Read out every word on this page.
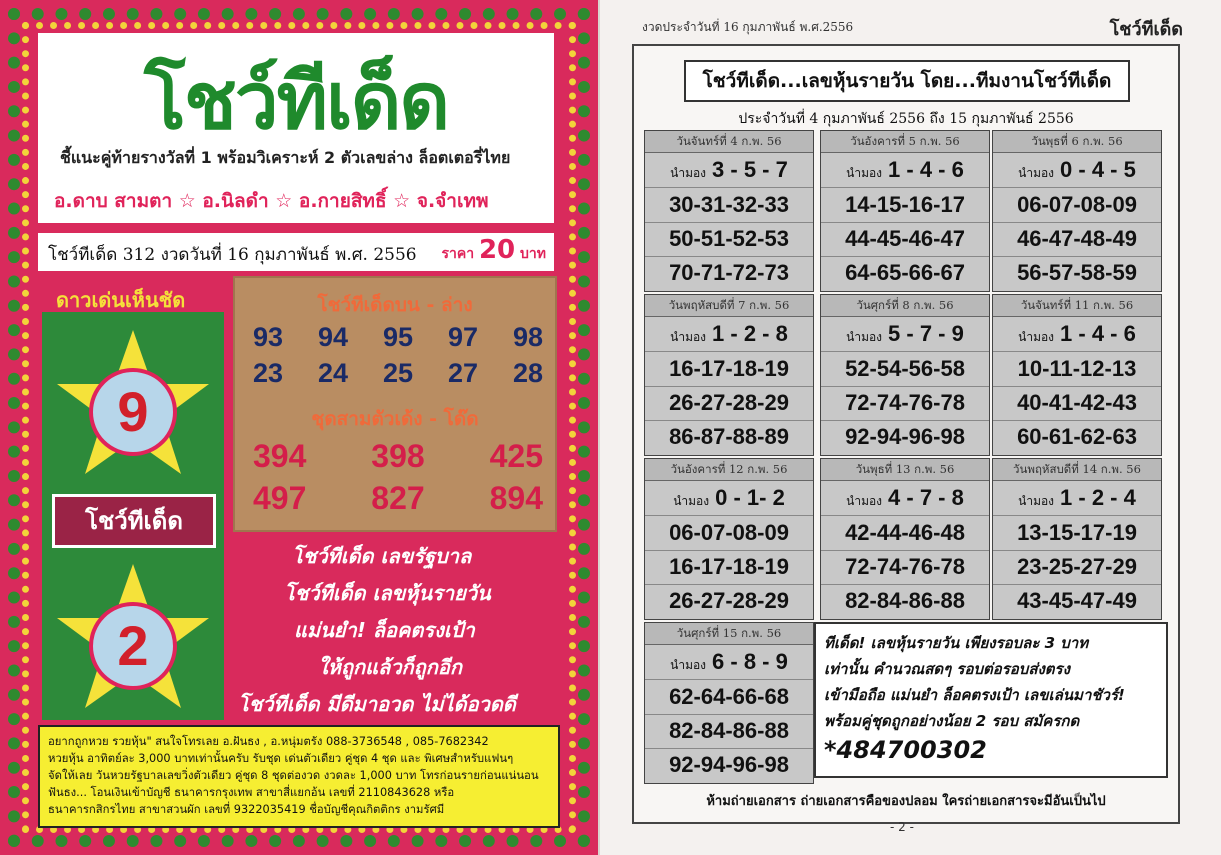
โชว์ทีเด็ด
ชี้แนะคู่ท้ายรางวัลที่ 1 พร้อมวิเคราะห์ 2 ตัวเลขล่าง ล็อตเตอรี่ไทย
อ.ดาบ สามตา ☆ อ.นิลดำ ☆ อ.กายสิทธิ์ ☆ จ.จำเทพ
โชว์ทีเด็ด 312 งวดวันที่ 16 กุมภาพันธ์ พ.ศ. 2556 ราคา 20 บาท
ดาวเด่นเห็นชัด
9
2
โชว์ทีเด็ด
โชว์ทีเด็ดบน - ล่าง
93 94 95 97 98
23 24 25 27 28
ชุดสามตัวเด้ง - โด๊ด
394 398 425
497 827 894
โชว์ทีเด็ด เลขรัฐบาล
โชว์ทีเด็ด เลขหุ้นรายวัน
แม่นยำ! ล็อคตรงเป้า
ให้ถูกแล้วก็ถูกอีก
โชว์ทีเด็ด มีดีมาอวด ไม่ได้อวดดี
อยากถูกหวย รวยหุ้น" สนใจโทรเลย อ.ฝันธง , อ.หนุ่มตรัง 088-3736548 , 085-7682342
หวยหุ้น อาทิตย์ละ 3,000 บาทเท่านั้นครับ รับชุด เด่นตัวเดียว คู่ชุด 4 ชุด และ พิเศษสำหรับแฟนๆ
จัดให้เลย วันหวยรัฐบาลเลขวิ่งตัวเดียว คู่ชุด 8 ชุดต่องวด งวดละ 1,000 บาท โทรก่อนรายก่อนแน่นอน
ฟันธง... โอนเงินเข้าบัญชี ธนาคารกรุงเทพ สาขาสี่แยกอ้น เลขที่ 2110843628 หรือ
ธนาคารกสิกรไทย สาขาสวนผัก เลขที่ 9322035419 ชื่อบัญชีคุณกิตติกร งามรัศมี
งวดประจำวันที่ 16 กุมภาพันธ์ พ.ศ.2556	โชว์ทีเด็ด
โชว์ทีเด็ด...เลขหุ้นรายวัน โดย...ทีมงานโชว์ทีเด็ด
ประจำวันที่ 4 กุมภาพันธ์ 2556 ถึง 15 กุมภาพันธ์ 2556
วันจันทร์ที่ 4 ก.พ. 56
นำมอง 3 - 5 - 7
30-31-32-33
50-51-52-53
70-71-72-73
วันอังคารที่ 5 ก.พ. 56
นำมอง 1 - 4 - 6
14-15-16-17
44-45-46-47
64-65-66-67
วันพุธที่ 6 ก.พ. 56
นำมอง 0 - 4 - 5
06-07-08-09
46-47-48-49
56-57-58-59
วันพฤหัสบดีที่ 7 ก.พ. 56
นำมอง 1 - 2 - 8
16-17-18-19
26-27-28-29
86-87-88-89
วันศุกร์ที่ 8 ก.พ. 56
นำมอง 5 - 7 - 9
52-54-56-58
72-74-76-78
92-94-96-98
วันจันทร์ที่ 11 ก.พ. 56
นำมอง 1 - 4 - 6
10-11-12-13
40-41-42-43
60-61-62-63
วันอังคารที่ 12 ก.พ. 56
นำมอง 0 - 1- 2
06-07-08-09
16-17-18-19
26-27-28-29
วันพุธที่ 13 ก.พ. 56
นำมอง 4 - 7 - 8
42-44-46-48
72-74-76-78
82-84-86-88
วันพฤหัสบดีที่ 14 ก.พ. 56
นำมอง 1 - 2 - 4
13-15-17-19
23-25-27-29
43-45-47-49
วันศุกร์ที่ 15 ก.พ. 56
นำมอง 6 - 8 - 9
62-64-66-68
82-84-86-88
92-94-96-98
ทีเด็ด! เลขหุ้นรายวัน เพียงรอบละ 3 บาท
เท่านั้น คำนวณสดๆ รอบต่อรอบส่งตรง
เข้ามือถือ แม่นยำ ล็อคตรงเป้า เลขเล่นมาชัวร์!
พร้อมคู่ชุดถูกอย่างน้อย 2 รอบ สมัครกด
*484700302
ห้ามถ่ายเอกสาร ถ่ายเอกสารคือของปลอม ใครถ่ายเอกสารจะมีอันเป็นไป
- 2 -
